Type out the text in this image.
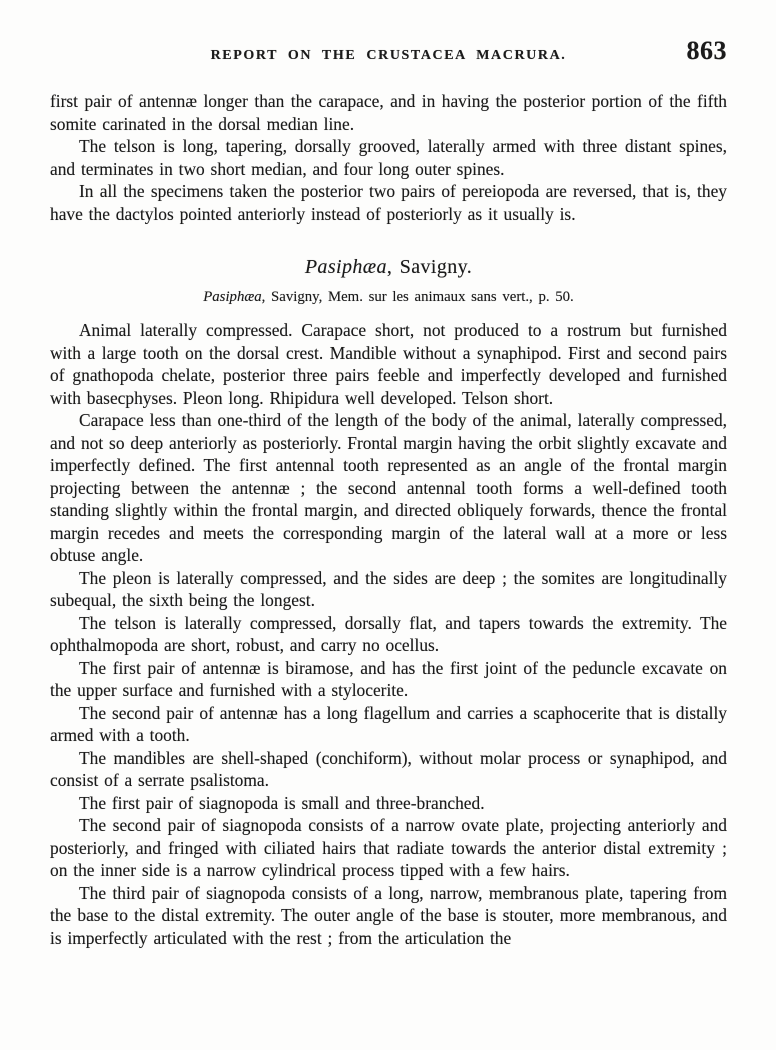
REPORT ON THE CRUSTACEA MACRURA.	863

first pair of antennæ longer than the carapace, and in having the posterior portion of the fifth somite carinated in the dorsal median line.

The telson is long, tapering, dorsally grooved, laterally armed with three distant spines, and terminates in two short median, and four long outer spines.

In all the specimens taken the posterior two pairs of pereiopoda are reversed, that is, they have the dactylos pointed anteriorly instead of posteriorly as it usually is.

Pasiphæa, Savigny.
Pasiphæa, Savigny, Mem. sur les animaux sans vert., p. 50.

Animal laterally compressed. Carapace short, not produced to a rostrum but furnished with a large tooth on the dorsal crest. Mandible without a synaphipod. First and second pairs of gnathopoda chelate, posterior three pairs feeble and imperfectly developed and furnished with basecphyses. Pleon long. Rhipidura well developed. Telson short.

Carapace less than one-third of the length of the body of the animal, laterally compressed, and not so deep anteriorly as posteriorly. Frontal margin having the orbit slightly excavate and imperfectly defined. The first antennal tooth represented as an angle of the frontal margin projecting between the antennæ ; the second antennal tooth forms a well-defined tooth standing slightly within the frontal margin, and directed obliquely forwards, thence the frontal margin recedes and meets the corresponding margin of the lateral wall at a more or less obtuse angle.

The pleon is laterally compressed, and the sides are deep ; the somites are longitudinally subequal, the sixth being the longest.

The telson is laterally compressed, dorsally flat, and tapers towards the extremity. The ophthalmopoda are short, robust, and carry no ocellus.

The first pair of antennæ is biramose, and has the first joint of the peduncle excavate on the upper surface and furnished with a stylocerite.

The second pair of antennæ has a long flagellum and carries a scaphocerite that is distally armed with a tooth.

The mandibles are shell-shaped (conchiform), without molar process or synaphipod, and consist of a serrate psalistoma.

The first pair of siagnopoda is small and three-branched.

The second pair of siagnopoda consists of a narrow ovate plate, projecting anteriorly and posteriorly, and fringed with ciliated hairs that radiate towards the anterior distal extremity ; on the inner side is a narrow cylindrical process tipped with a few hairs.

The third pair of siagnopoda consists of a long, narrow, membranous plate, tapering from the base to the distal extremity. The outer angle of the base is stouter, more membranous, and is imperfectly articulated with the rest ; from the articulation the
